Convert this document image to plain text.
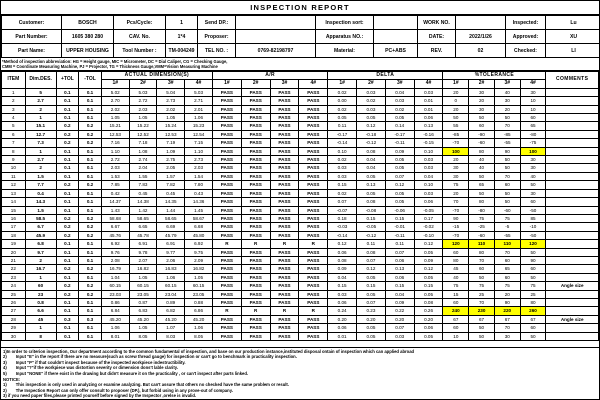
INSPECTION REPORT
Customer:	BOSCH	Pcs/Cycle:	1	Send DP.:		Inspection sort:		WORK NO.		Inspected:	Lu
Part Number:	1605 380 280	CAV. No.	1*4	Proposer:		Apparatus NO.:		DATE:	2022/1/26	Approved:	XU
Part Name:	UPPER HOUSING	Tool Number :	TM-004249	TEL NO. :	0769-82198797	Material:	PC+ABS	REV.	02	Checked:	LI
*Method of inspection abbreviation: HG = Height gauge, MIC = Micrometer, DC = Dial Caliper, CG = Checking Gauge,
CMM = Coordinate Measuring Machine, PJ = Projector, TG = Thickness Gauge,VMM=Vision Measuring Machine
ITEM	Dim.DES.	+TOL	-TOL	ACTUAL DIMENSION(S)				A/R				DELTA				%TOLERANCE				COMMENTS
				1#	2#	3#	4#	1#	2#	3#	4#	1#	2#	3#	4#	1#	2#	3#	4#	
1	5	0.1	0.1	5.02	5.03	5.04	5.03	PASS	PASS	PASS	PASS	0.02	0.03	0.04	0.03	20	30	40	30	
2	2.7	0.1	0.1	2.70	2.72	2.73	2.71	PASS	PASS	PASS	PASS	0.00	0.02	0.03	0.01	0	20	30	10	
3	2	0.1	0.1	2.02	2.03	2.02	2.01	PASS	PASS	PASS	PASS	0.02	0.03	0.02	0.01	20	30	20	10	
4	1	0.1	0.1	1.05	1.05	1.05	1.06	PASS	PASS	PASS	PASS	0.05	0.05	0.05	0.06	50	50	50	60	
5	15.1	0.2	0.2	15.21	15.22	15.24	15.23	PASS	PASS	PASS	PASS	0.11	0.12	0.14	0.13	55	60	70	65	
6	12.7	0.2	0.2	12.53	12.52	12.53	12.54	PASS	PASS	PASS	PASS	-0.17	-0.18	-0.17	-0.16	-85	-90	-85	-80	
7	7.3	0.2	0.2	7.16	7.18	7.19	7.15	PASS	PASS	PASS	PASS	-0.14	-0.12	-0.11	-0.15	-70	-60	-55	-75	
8	1	0.1	0.1	1.10	1.08	1.09	1.10	PASS	PASS	PASS	PASS	0.10	0.08	0.09	0.10	100	80	90	100	
9	2.7	0.1	0.1	2.72	2.74	2.75	2.73	PASS	PASS	PASS	PASS	0.02	0.04	0.05	0.03	20	40	50	30	
10	2	0.1	0.1	2.03	2.04	2.05	2.03	PASS	PASS	PASS	PASS	0.03	0.04	0.05	0.03	30	40	50	30	
11	1.5	0.1	0.1	1.53	1.55	1.57	1.54	PASS	PASS	PASS	PASS	0.03	0.05	0.07	0.04	30	50	70	40	
12	7.7	0.2	0.2	7.85	7.83	7.82	7.80	PASS	PASS	PASS	PASS	0.15	0.13	0.12	0.10	75	65	60	50	
13	0.4	0.1	0.1	0.42	0.45	0.45	0.43	PASS	PASS	PASS	PASS	0.02	0.05	0.05	0.03	20	50	50	30	
14	14.3	0.1	0.1	14.37	14.38	14.35	14.36	PASS	PASS	PASS	PASS	0.07	0.08	0.05	0.06	70	80	50	60	
15	1.5	0.1	0.1	1.43	1.42	1.44	1.45	PASS	PASS	PASS	PASS	-0.07	-0.08	-0.06	-0.05	-70	-80	-60	-50	
16	58.5	0.2	0.2	58.68	58.65	58.65	58.67	PASS	PASS	PASS	PASS	0.18	0.15	0.15	0.17	90	75	75	85	
17	6.7	0.2	0.2	6.67	6.65	6.69	6.68	PASS	PASS	PASS	PASS	-0.03	-0.05	-0.01	-0.02	-15	-25	-5	-10	
18	45.9	0.2	0.2	45.76	45.78	45.79	45.80	PASS	PASS	PASS	PASS	-0.14	-0.12	-0.11	-0.10	-70	-60	-55	-50	
19	6.8	0.1	0.1	6.92	6.91	6.91	6.92	R	R	R	R	0.12	0.11	0.11	0.12	120	110	110	120	
20	9.7	0.1	0.1	9.76	9.78	9.77	9.75	PASS	PASS	PASS	PASS	0.06	0.08	0.07	0.05	60	80	70	50	
21	2	0.1	0.1	2.08	2.07	2.06	2.09	PASS	PASS	PASS	PASS	0.08	0.07	0.06	0.09	80	70	60	90	
22	16.7	0.2	0.2	16.79	16.82	16.83	16.82	PASS	PASS	PASS	PASS	0.09	0.12	0.13	0.12	45	60	65	60	
23	1	0.1	0.1	1.04	1.05	1.06	1.05	PASS	PASS	PASS	PASS	0.04	0.05	0.06	0.05	40	50	60	50	
24	60	0.2	0.2	60.15	60.15	60.15	60.15	PASS	PASS	PASS	PASS	0.15	0.15	0.15	0.15	75	75	75	75	Angle size
25	23	0.2	0.2	23.03	23.05	23.04	23.05	PASS	PASS	PASS	PASS	0.03	0.05	0.04	0.05	15	25	20	25	
26	0.8	0.1	0.1	0.86	0.87	0.89	0.88	PASS	PASS	PASS	PASS	0.06	0.07	0.09	0.08	60	70	90	80	
27	6.6	0.1	0.1	6.84	6.83	6.82	6.86	R	R	R	R	0.24	0.23	0.22	0.26	240	230	220	260	
28	45	0.3	0.3	45.20	45.20	45.20	45.20	PASS	PASS	PASS	PASS	0.20	0.20	0.20	0.20	67	67	67	67	Angle size
29	1	0.1	0.1	1.06	1.05	1.07	1.06	PASS	PASS	PASS	PASS	0.06	0.05	0.07	0.06	60	50	70	60	
30	8	0.1	0.1	8.01	8.05	8.03	8.05	PASS	PASS	PASS	PASS	0.01	0.05	0.03	0.05	10	50	30	50	
1)In order to criterion inspection, Our department according to the common fundamental of inspection, and base on our production instance,instituted disposal ontain of inspection which can applied abroad
2) Input "E" in the report if there are no measure(such as screw thread gauge) for inspection or can't go to benchmark in practicality inspection.
3) Input "P" if that couldn't inspect because of the inspected workpiece indestructibility.
4) Input "?"if the workpiece was distortion severity or dimension dons't lable clarity.
5) Input "NONE" if there exist in the drawing but didn't measure it on the practicality , or can't inspect after parts linked.
NOTICE:
1) This inspection is only used in analyzing or examine analyzing. But can't assure that others no checked have the same problem or result.
2) The Inspection Report can only offer consult to proposer (DP.), but forbid using in any prove-out of company.
3) if you need paper files,please printed yourself before signed by the Inspector ,orelse is invalid.
